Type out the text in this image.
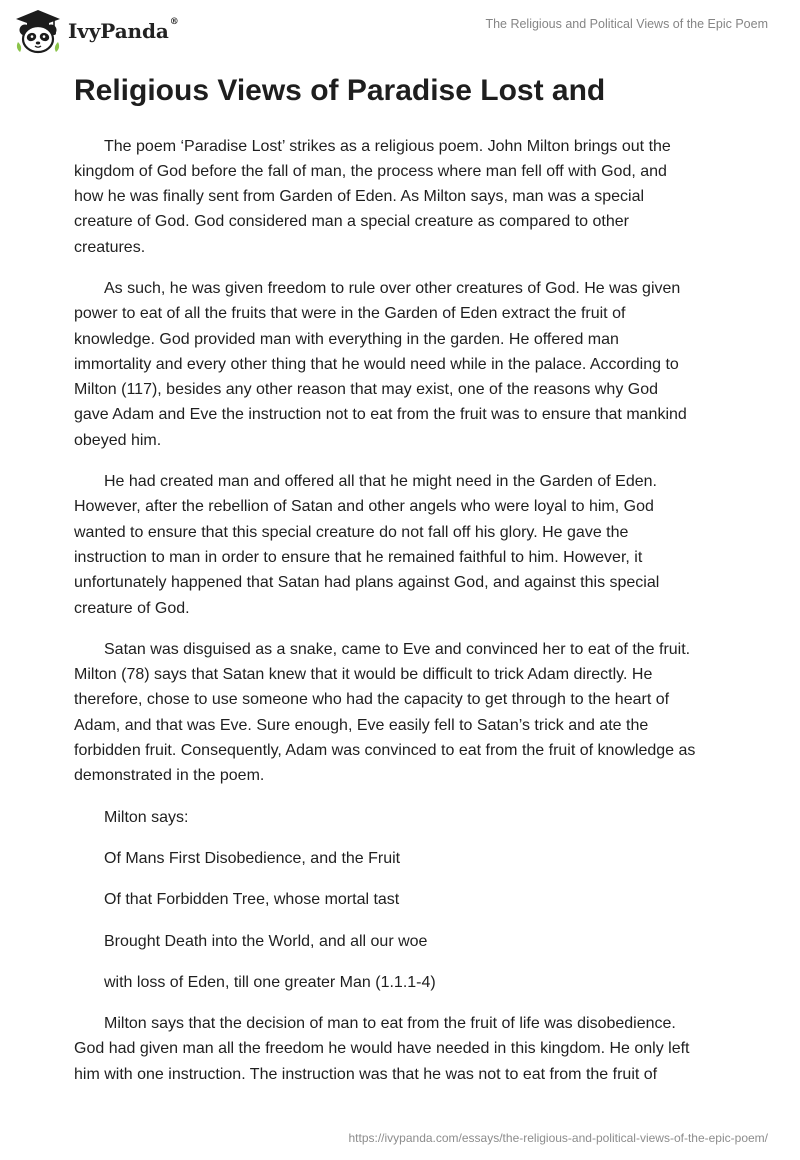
IvyPanda®	The Religious and Political Views of the Epic Poem
Religious Views of Paradise Lost and
The poem ‘Paradise Lost’ strikes as a religious poem. John Milton brings out the
kingdom of God before the fall of man, the process where man fell off with God, and
how he was finally sent from Garden of Eden. As Milton says, man was a special
creature of God. God considered man a special creature as compared to other
creatures.
As such, he was given freedom to rule over other creatures of God. He was given
power to eat of all the fruits that were in the Garden of Eden extract the fruit of
knowledge. God provided man with everything in the garden. He offered man
immortality and every other thing that he would need while in the palace. According to
Milton (117), besides any other reason that may exist, one of the reasons why God
gave Adam and Eve the instruction not to eat from the fruit was to ensure that mankind
obeyed him.
He had created man and offered all that he might need in the Garden of Eden.
However, after the rebellion of Satan and other angels who were loyal to him, God
wanted to ensure that this special creature do not fall off his glory. He gave the
instruction to man in order to ensure that he remained faithful to him. However, it
unfortunately happened that Satan had plans against God, and against this special
creature of God.
Satan was disguised as a snake, came to Eve and convinced her to eat of the fruit.
Milton (78) says that Satan knew that it would be difficult to trick Adam directly. He
therefore, chose to use someone who had the capacity to get through to the heart of
Adam, and that was Eve. Sure enough, Eve easily fell to Satan’s trick and ate the
forbidden fruit. Consequently, Adam was convinced to eat from the fruit of knowledge as
demonstrated in the poem.
Milton says:
Of Mans First Disobedience, and the Fruit
Of that Forbidden Tree, whose mortal tast
Brought Death into the World, and all our woe
with loss of Eden, till one greater Man (1.1.1-4)
Milton says that the decision of man to eat from the fruit of life was disobedience.
God had given man all the freedom he would have needed in this kingdom. He only left
him with one instruction. The instruction was that he was not to eat from the fruit of
https://ivypanda.com/essays/the-religious-and-political-views-of-the-epic-poem/
